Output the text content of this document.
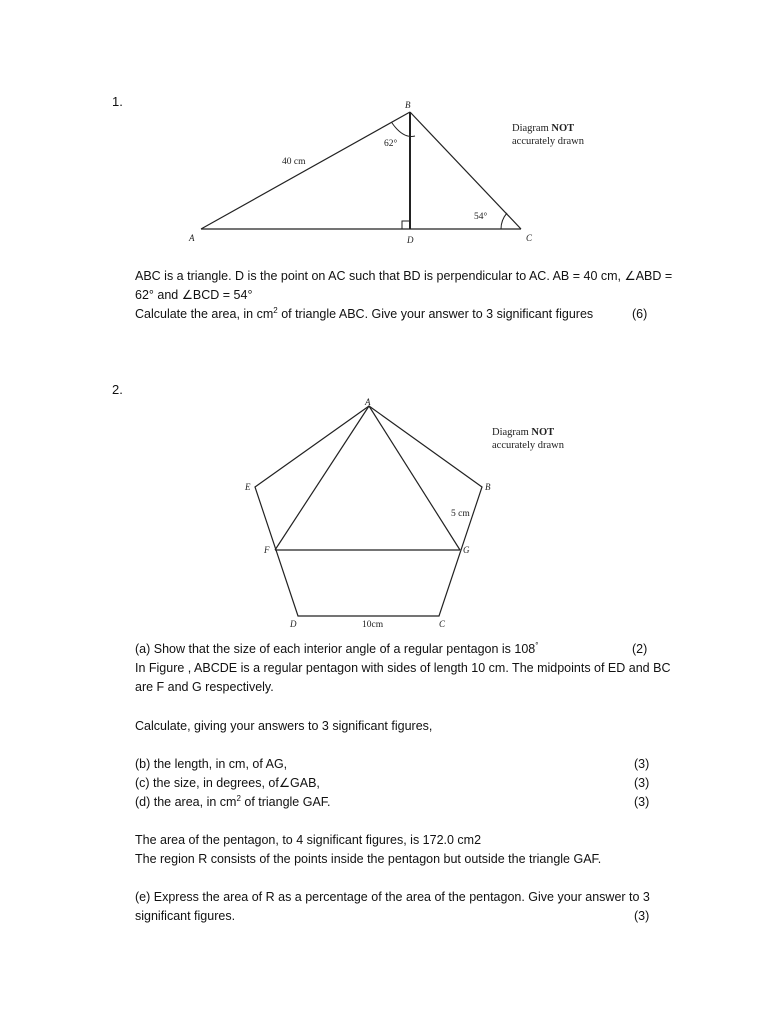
1.
A
B
C
D
40 cm
62°
54°
Diagram NOT
accurately drawn
ABC is a triangle. D is the point on AC such that BD is perpendicular to AC. AB = 40 cm, ∠ABD =
62° and ∠BCD = 54°
Calculate the area, in $cm^2$ of triangle ABC. Give your answer to 3 significant figures	(6)
2.
A
B
C
D
E
F	G
5 cm
10cm
Diagram NOT
accurately drawn
(a) Show that the size of each interior angle of a regular pentagon is 108°	(2)
In Figure , ABCDE is a regular pentagon with sides of length 10 cm. The midpoints of ED and BC
are F and G respectively.
Calculate, giving your answers to 3 significant figures,
(b) the length, in cm, of AG,	(3)
(c) the size, in degrees, of∠GAB,	(3)
(d) the area, in $cm^2$ of triangle GAF.	(3)
The area of the pentagon, to 4 significant figures, is 172.0 cm2
The region R consists of the points inside the pentagon but outside the triangle GAF.
(e) Express the area of R as a percentage of the area of the pentagon. Give your answer to 3
significant figures.	(3)
